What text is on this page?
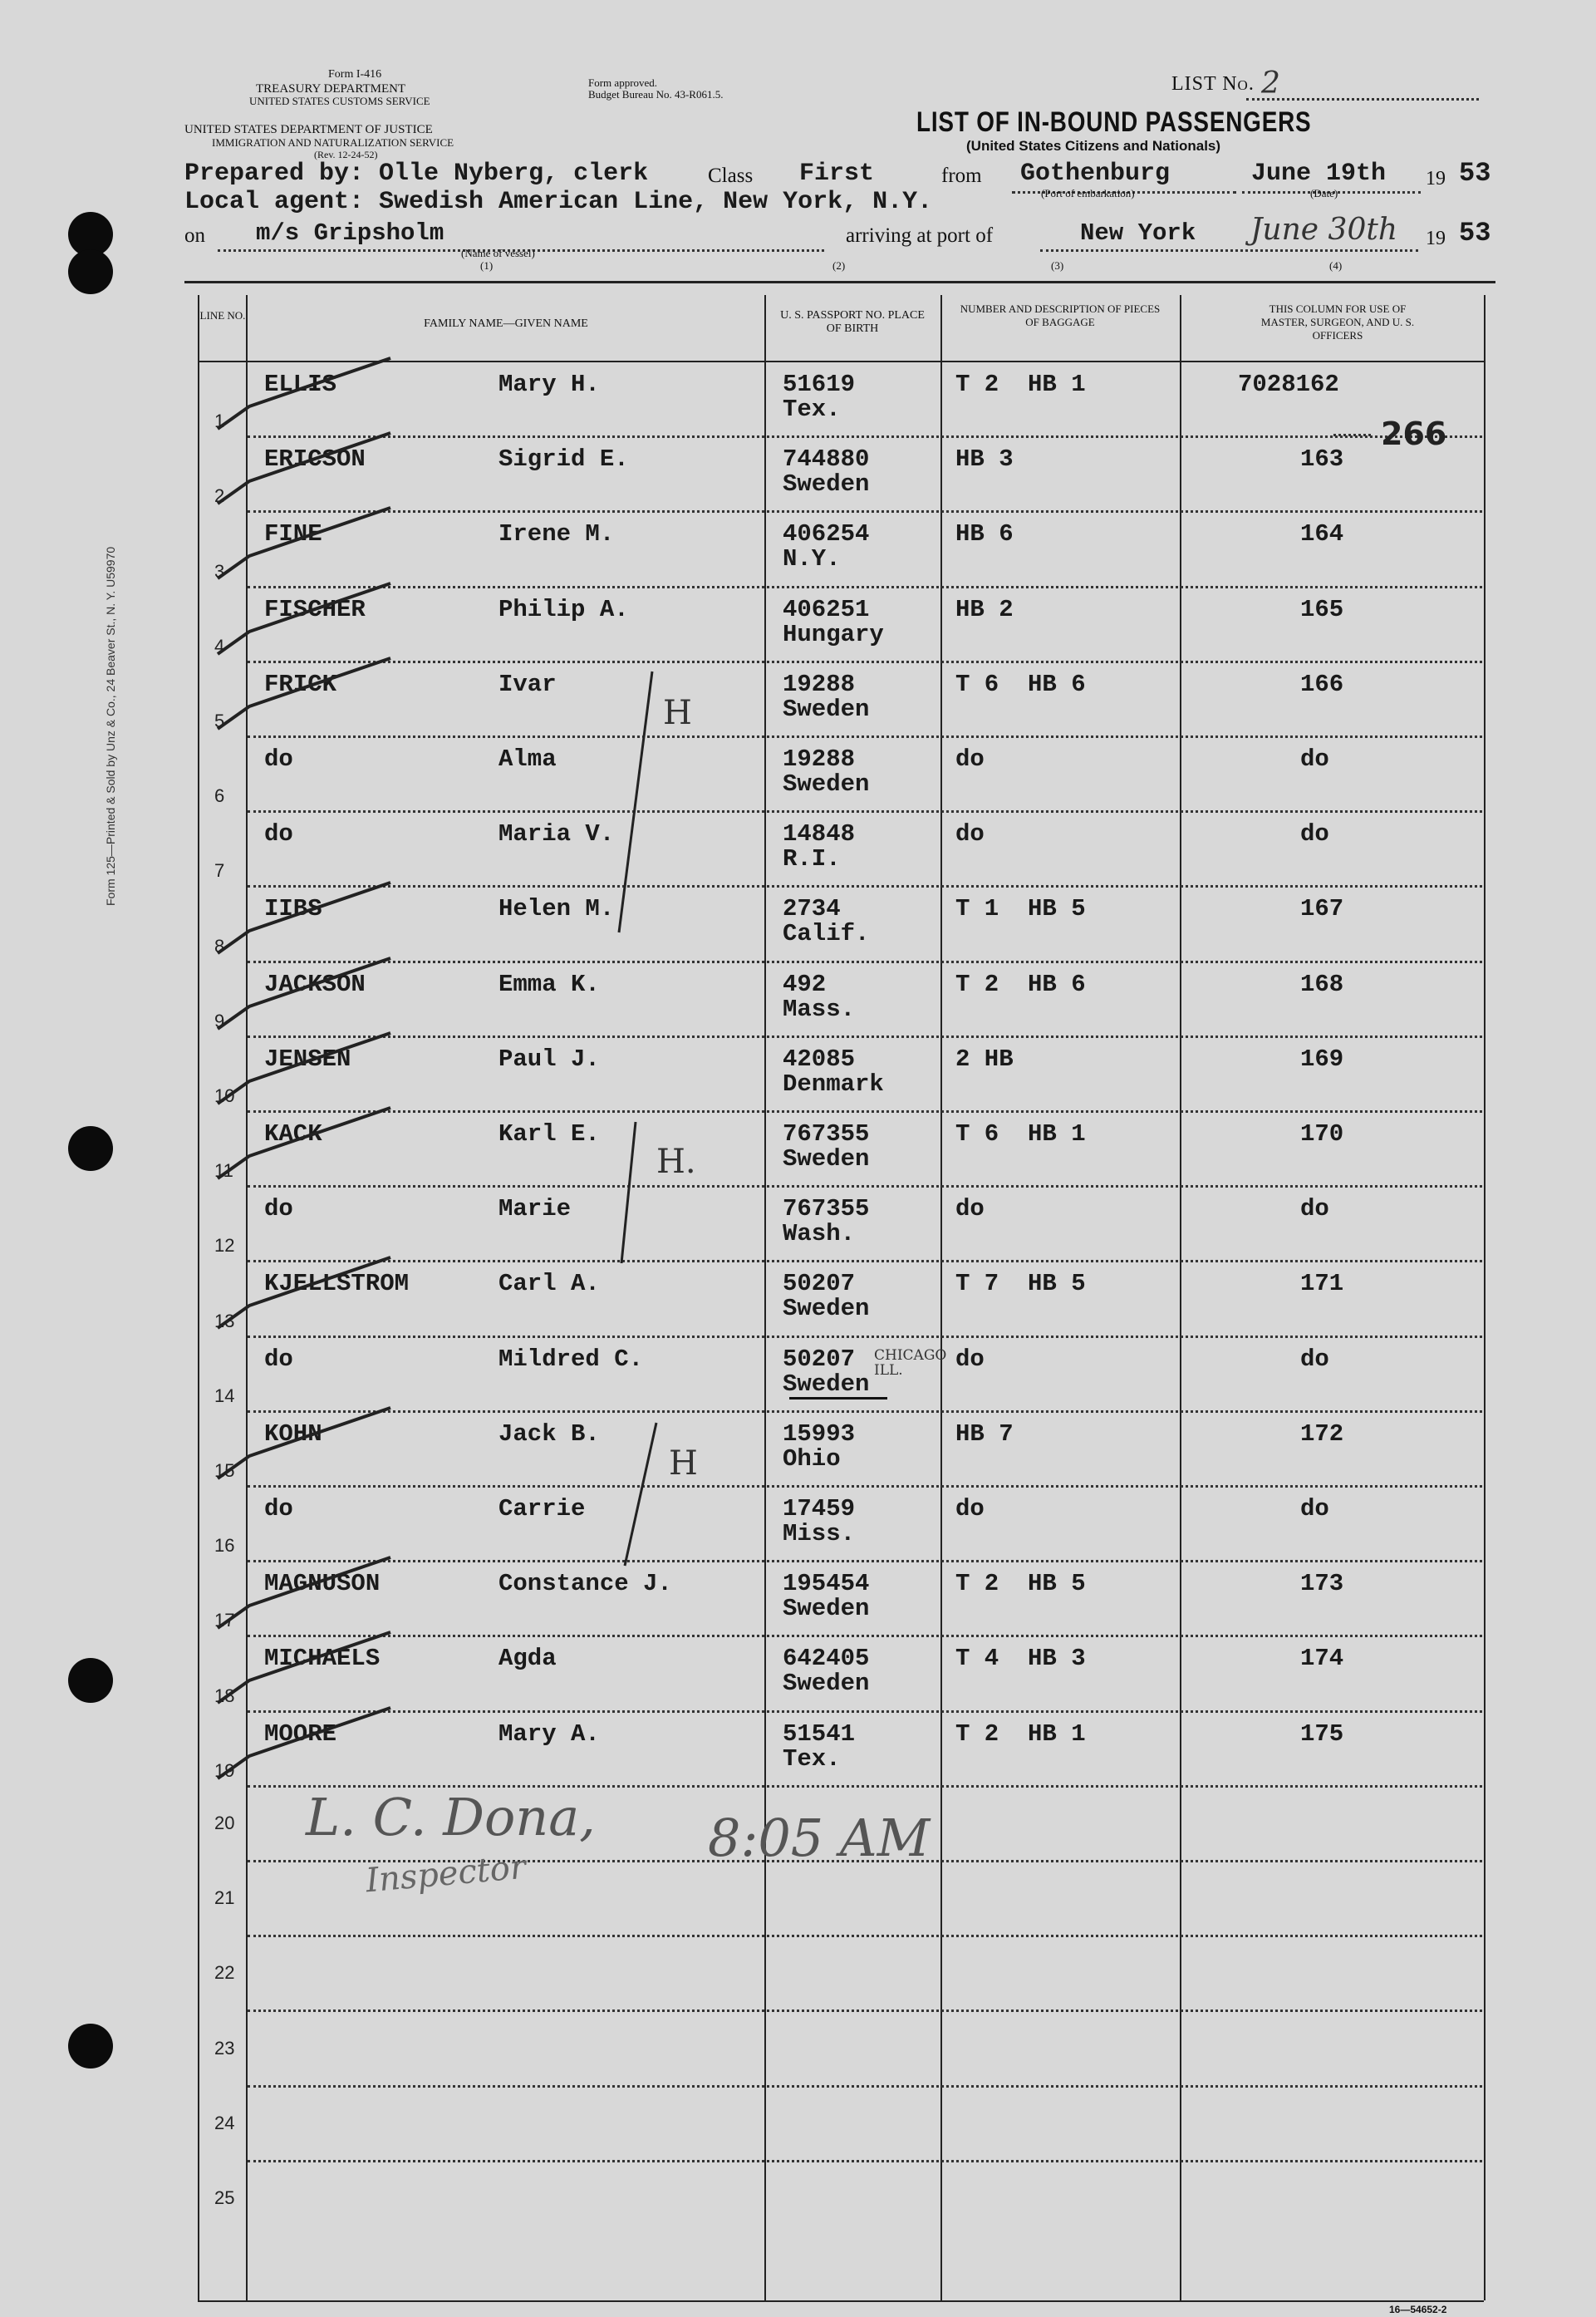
Form 125—Printed & Sold by Unz & Co., 24 Beaver St., N. Y. U59970
Form I-416
TREASURY DEPARTMENT
UNITED STATES CUSTOMS SERVICE
UNITED STATES DEPARTMENT OF JUSTICE
IMMIGRATION AND NATURALIZATION SERVICE
(Rev. 12-24-52)
Form approved.
Budget Bureau No. 43-R061.5.	LIST No. 2
LIST OF IN-BOUND PASSENGERS
(United States Citizens and Nationals)
Prepared by: Olle Nyberg, clerk	Class First	from Gothenburg	June 19th 19 53
(Port of embarkation)	(Date)
Local agent: Swedish American Line, New York, N.Y.
on m/s Gripsholm
(Name of vessel)
arriving at port of	New York June 30th 19 53
(1)	(2)	(3)	(4)
LINE NO.
FAMILY NAME—GIVEN NAME
U. S. PASSPORT NO. PLACE OF BIRTH
NUMBER AND DESCRIPTION OF PIECES OF BAGGAGE
THIS COLUMN FOR USE OF MASTER, SURGEON, AND U. S. OFFICERS
1
ELLIS	Mary H.	51619
Tex.
T 2  HB 1	7028162
2
ERICSON	Sigrid E.	744880
Sweden
HB 3	163
3
FINE	Irene M.	406254
N.Y.
HB 6	164
4
FISCHER	Philip A.	406251
Hungary
HB 2	165
5
FRICK	Ivar	19288
Sweden
T 6  HB 6	166
6
do	Alma	19288
Sweden
do	do
7
do	Maria V.	14848
R.I.
do	do
8
IIBS	Helen M.	2734
Calif.
T 1  HB 5	167
9
JACKSON	Emma K.	492
Mass.
T 2  HB 6	168
10
JENSEN	Paul J.	42085
Denmark
2 HB	169
11
KACK	Karl E.	767355
Sweden
T 6  HB 1	170
12
do	Marie	767355
Wash.
do	do
13
KJELLSTROM	Carl A.	50207
Sweden
T 7  HB 5	171
14
do	Mildred C.	50207
Sweden
do	do
15
KOHN	Jack B.	15993
Ohio
HB 7	172
16
do	Carrie	17459
Miss.
do	do
17
MAGNUSON	Constance J.	195454
Sweden
T 2  HB 5	173
18
MICHAELS	Agda	642405
Sweden
T 4  HB 3	174
19
MOORE	Mary A.	51541
Tex.
T 2  HB 1	175
20
21
22
23
24
25
266
H
H.
H
CHICAGO ILL.
L. C. Dona, 8:05 AM
Inspector
16—54652-2
